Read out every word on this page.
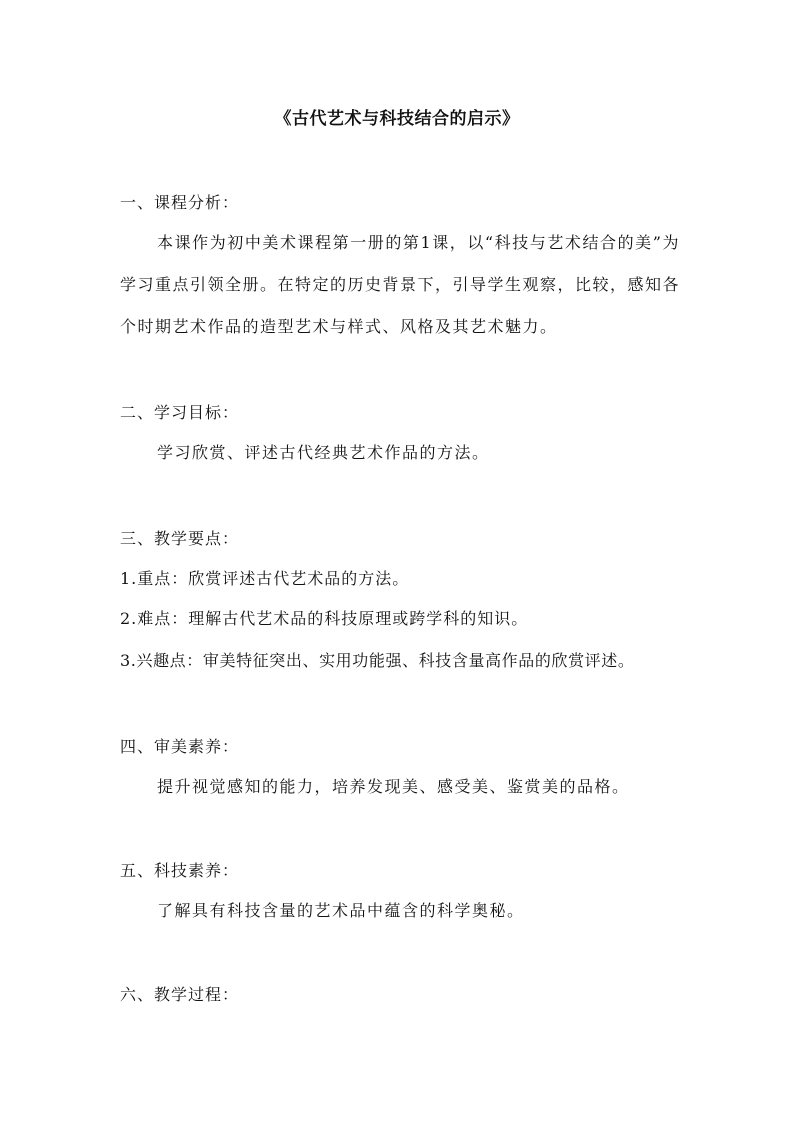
《古代艺术与科技结合的启示》
一、课程分析：
本课作为初中美术课程第一册的第1课，以“科技与艺术结合的美”为学习重点引领全册。在特定的历史背景下，引导学生观察，比较，感知各个时期艺术作品的造型艺术与样式、风格及其艺术魅力。
二、学习目标：
学习欣赏、评述古代经典艺术作品的方法。
三、教学要点：
1.重点：欣赏评述古代艺术品的方法。
2.难点：理解古代艺术品的科技原理或跨学科的知识。
3.兴趣点：审美特征突出、实用功能强、科技含量高作品的欣赏评述。
四、审美素养：
提升视觉感知的能力，培养发现美、感受美、鉴赏美的品格。
五、科技素养：
了解具有科技含量的艺术品中蕴含的科学奥秘。
六、教学过程：
